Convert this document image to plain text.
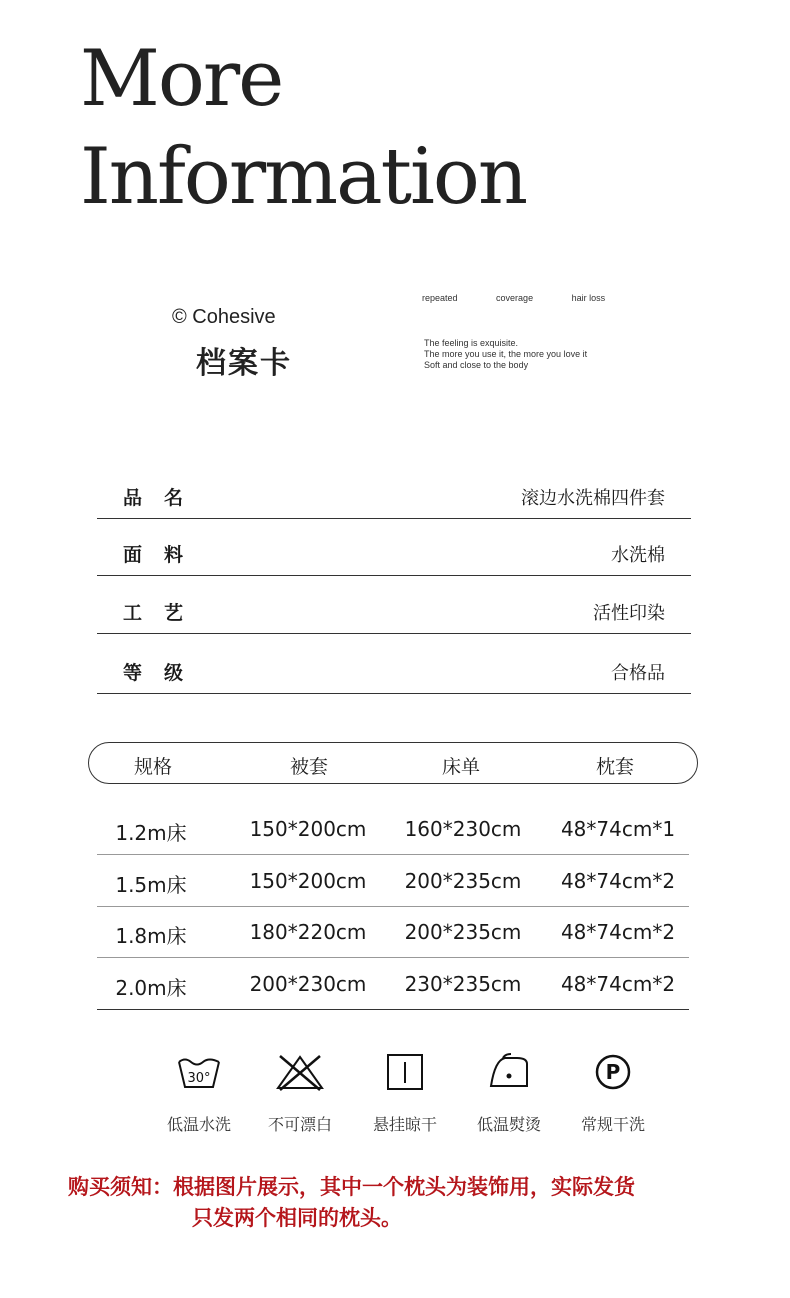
More
Information
© Cohesive
档案卡
repeated	coverage	hair loss
The feeling is exquisite.
The more you use it, the more you love it
Soft and close to the body
品名	滚边水洗棉四件套
面料	水洗棉
工艺	活性印染
等级	合格品
规格	被套	床单	枕套
1.2m床	150*200cm	160*230cm	48*74cm*1
1.5m床	150*200cm	200*235cm	48*74cm*2
1.8m床	180*220cm	200*235cm	48*74cm*2
2.0m床	200*230cm	230*235cm	48*74cm*2
30°
低温水洗	不可漂白	悬挂晾干	低温熨烫
P
常规干洗
购买须知：根据图片展示，其中一个枕头为装饰用，实际发货
只发两个相同的枕头。
